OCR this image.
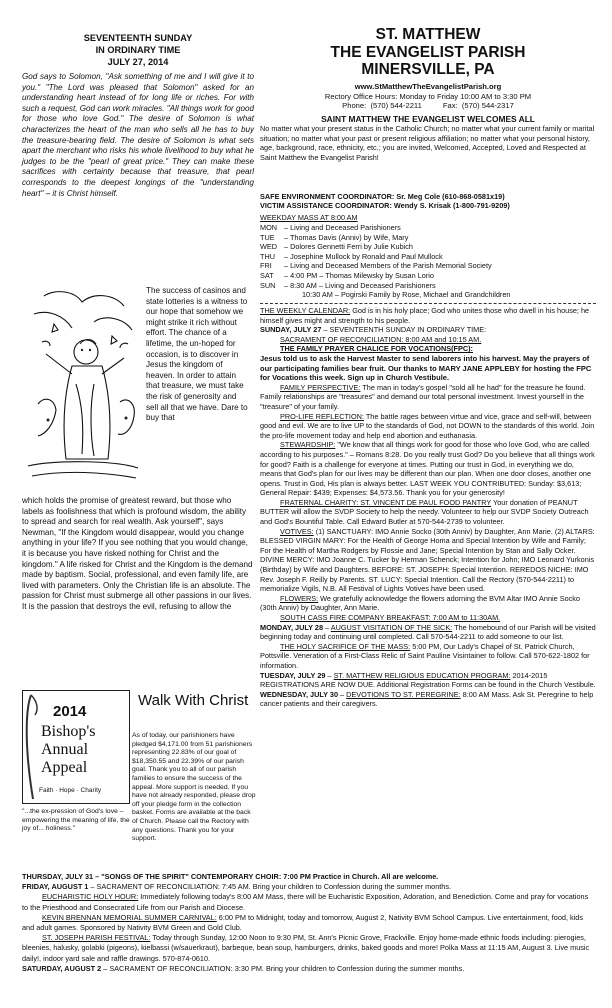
SEVENTEENTH SUNDAY
IN ORDINARY TIME
JULY 27, 2014
God says to Solomon, "Ask something of me and I will give it to you." "The Lord was pleased that Solomon" asked for an understanding heart instead of for long life or riches. For with such a request, God can work miracles. "All things work for good for those who love God." The desire of Solomon is what characterizes the heart of the man who sells all he has to buy the treasure-bearing field. The desire of Solomon is what sets apart the merchant who risks his whole livelihood to buy what he judges to be the "pearl of great price." They can make these sacrifices with certainty because that treasure, that pearl corresponds to the deepest longings of the "understanding heart" – it is Christ himself.
The success of casinos and state lotteries is a witness to our hope that somehow we might strike it rich without effort. The chance of a lifetime, the un-hoped for occasion, is to discover in Jesus the kingdom of heaven. In order to attain that treasure, we must take the risk of generosity and sell all that we have. Dare to buy that
which holds the promise of greatest reward, but those who labels as foolishness that which is profound wisdom, the ability to spread and search for real wealth. Ask yourself", says Newman, "If the Kingdom would disappear, would you change anything in your life? If you see nothing that you would change, it is because you have risked nothing for Christ and the kingdom." A life risked for Christ and the Kingdom is the demand made by baptism. Social, professional, and even family life, are lived with parameters. Only the Christian life is an absolute. The passion for Christ must submerge all other passions in our lives. It is the passion that destroys the evil, refusing to allow the
2014
Bishop's
Annual
Appeal
Faith · Hope · Charity
Walk With Christ
As of today, our parishioners have pledged $4,171.00 from 51 parishioners representing 22.83% of our goal of $18,350.55 and 22.39% of our parish goal. Thank you to all of our parish families to ensure the success of the appeal. More support is needed. If you have not already responded, please drop off your pledge form in the collection basket. Forms are available at the back of Church. Please call the Rectory with any questions. Thank you for your support.
"...the ex-pression of God's love – empowering the meaning of life, the joy of... holiness."
ST. MATTHEW
THE EVANGELIST PARISH
MINERSVILLE, PA
www.StMatthewTheEvangelistParish.org
Rectory Office Hours: Monday to Friday 10:00 AM to 3:30 PM
Phone:  (570) 544-2211          Fax:  (570) 544-2317
SAINT MATTHEW THE EVANGELIST WELCOMES ALL
No matter what your present status in the Catholic Church; no matter what your current family or marital situation; no matter what your past or present religious affiliation; no matter what your personal history, age, background, race, ethnicity, etc.; you are invited, Welcomed, Accepted, Loved and Respected at Saint Matthew the Evangelist Parish!
SAFE ENVIRONMENT COORDINATOR: Sr. Meg Cole (610-868-0581x19)
VICTIM ASSISTANCE COORDINATOR: Wendy S. Krisak (1-800-791-9209)
WEEKDAY MASS AT 8:00 AM
MON – Living and Deceased Parishioners
TUE	– Thomas Davis (Anniv) by Wife, Mary
WED – Dolores Gennetti Ferri by Julie Kubich
THU	– Josephine Mullock by Ronald and Paul Mullock
FRI	– Living and Deceased Members of the Parish Memorial Society
SAT	– 4:00 PM – Thomas Milewsky by Susan Lorio
SUN	– 8:30 AM – Living and Deceased Parishioners
10:30 AM – Pogirski Family by Rose, Michael and Grandchildren
THE WEEKLY CALENDAR: God is in his holy place; God who unites those who dwell in his house; he himself gives might and strength to his people.
SUNDAY, JULY 27 – SEVENTEENTH SUNDAY IN ORDINARY TIME:
SACRAMENT OF RECONCILIATION: 8:00 AM and 10:15 AM.
THE FAMILY PRAYER CHALICE FOR VOCATIONS(FPC):
Jesus told us to ask the Harvest Master to send laborers into his harvest. May the prayers of our participating families bear fruit. Our thanks to MARY JANE APPLEBY for hosting the FPC for Vocations this week. Sign up in Church Vestibule.
FAMILY PERSPECTIVE: The man in today's gospel "sold all he had" for the treasure he found. Family relationships are "treasures" and demand our total personal investment. Invest yourself in the "treasure" of your family.
PRO-LIFE REFLECTION: The battle rages between virtue and vice, grace and self-will, between good and evil. We are to live UP to the standards of God, not DOWN to the standards of this world. Join the pro-life movement today and help end abortion and euthanasia.
STEWARDSHIP: "We know that all things work for good for those who love God, who are called according to his purposes." – Romans 8:28. Do you really trust God? Do you believe that all things work for good? Faith is a challenge for everyone at times. Putting our trust in God, in everything we do, means that God's plan for our lives may be different than our plan. When one door closes, another one opens. Trust in God, His plan is always better. LAST WEEK YOU CONTRIBUTED: Sunday: $3,613; General Repair: $439; Expenses: $4,573.56. Thank you for your generosity!
FRATERNAL CHARITY: ST. VINCENT DE PAUL FOOD PANTRY Your donation of PEANUT BUTTER will allow the SVDP Society to help the needy. Volunteer to help our SVDP Society Outreach and God's Bountiful Table. Call Edward Butler at 570-544-2739 to volunteer.
VOTIVES: (1) SANCTUARY: IMO Annie Socko (30th Anniv) by Daughter, Ann Marie. (2) ALTARS: BLESSED VIRGIN MARY: For the Health of George Homa and Special Intention by Wife and Family; For the Health of Martha Rodgers by Flossie and Jane; Special Intention by Stan and Sally Ocker. DIVINE MERCY: IMO Joanne C. Tucker by Herman Schenck; Intention for John; IMO Leonard Yurkonis (Birthday) by Wife and Daughters. BEFORE: ST. JOSEPH: Special Intention. REREDOS NICHE: IMO Rev. Joseph F. Reilly by Parents. ST. LUCY: Special Intention. Call the Rectory (570-544-2211) to memorialize Vigils, N.B. All Festival of Lights Votives have been used.
FLOWERS: We gratefully acknowledge the flowers adorning the BVM Altar IMO Annie Socko (30th Anniv) by Daughter, Ann Marie.
SOUTH CASS FIRE COMPANY BREAKFAST: 7:00 AM to 11:30AM.
MONDAY, JULY 28 – AUGUST VISITATION OF THE SICK: The homebound of our Parish will be visited beginning today and continuing until completed. Call 570-544-2211 to add someone to our list.
THE HOLY SACRIFICE OF THE MASS: 5:00 PM, Our Lady's Chapel of St. Patrick Church, Pottsville. Veneration of a First-Class Relic of Saint Pauline Visintainer to follow. Call 570-622-1802 for information.
TUESDAY, JULY 29 – ST. MATTHEW RELIGIOUS EDUCATION PROGRAM: 2014-2015 REGISTRATIONS ARE NOW DUE. Additional Registration Forms can be found in the Church Vestibule.
WEDNESDAY, JULY 30 – DEVOTIONS TO ST. PEREGRINE: 8:00 AM Mass. Ask St. Peregrine to help cancer patients and their caregivers.
THURSDAY, JULY 31 – "SONGS OF THE SPIRIT" CONTEMPORARY CHOIR: 7:00 PM Practice in Church. All are welcome.
FRIDAY, AUGUST 1 – SACRAMENT OF RECONCILIATION: 7:45 AM. Bring your children to Confession during the summer months.
EUCHARISTIC HOLY HOUR: Immediately following today's 8:00 AM Mass, there will be Eucharistic Exposition, Adoration, and Benediction. Come and pray for vocations to the Priesthood and Consecrated Life from our Parish and Diocese.
KEVIN BRENNAN MEMORIAL SUMMER CARNIVAL: 6:00 PM to Midnight, today and tomorrow, August 2, Nativity BVM School Campus. Live entertainment, food, kids and adult games. Sponsored by Nativity BVM Green and Gold Club.
ST. JOSEPH PARISH FESTIVAL: Today through Sunday, 12:00 Noon to 9:30 PM, St. Ann's Picnic Grove, Frackville. Enjoy home-made ethnic foods including: pierogies, bleenies, halusky, golabki (pigeons), kielbassi (w/sauerkraut), barbeque, bean soup, hamburgers, drinks, baked goods and more! Polka Mass at 11:15 AM, August 3. Live music daily!, indoor yard sale and raffle drawings. 570-874-0610.
SATURDAY, AUGUST 2 – SACRAMENT OF RECONCILIATION: 3:30 PM. Bring your children to Confession during the summer months.
